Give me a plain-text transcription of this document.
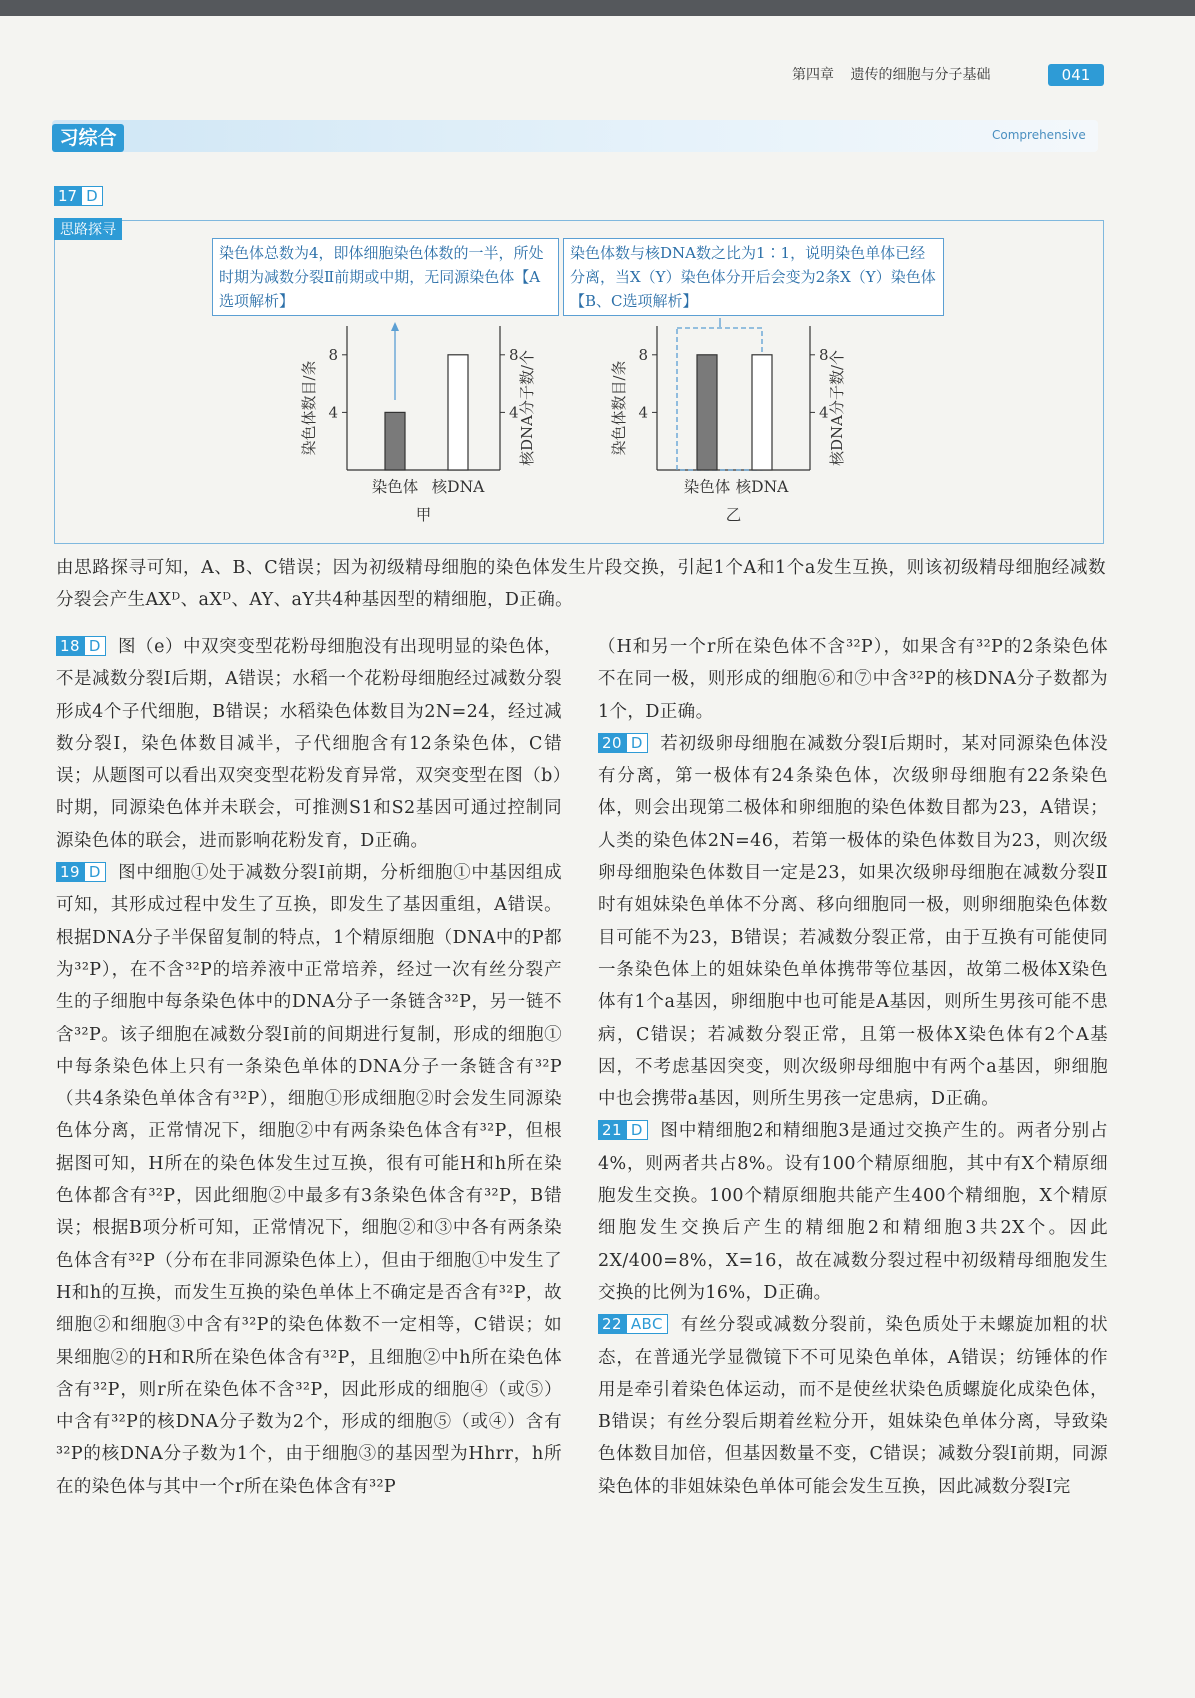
第四章 遗传的细胞与分子基础	041
习综合	Comprehensive
17 D
思路探寻
染色体总数为4，即体细胞染色体数的一半，所处时期为减数分裂Ⅱ前期或中期，无同源染色体【A选项解析】
染色体数与核DNA数之比为1∶1，说明染色单体已经分离，当X（Y）染色体分开后会变为2条X（Y）染色体【B、C选项解析】
4	4
8	8
染色体 核DNA
染色体数目/条	核DNA分子数/个
甲
4	4
8	8
染色体 核DNA
染色体数目/条	核DNA分子数/个
乙

由思路探寻可知，A、B、C错误；因为初级精母细胞的染色体发生片段交换，引起1个A和1个a发生互换，则该初级精母细胞经减数分裂会产生AXᴰ、aXᴰ、AY、aY共4种基因型的精细胞，D正确。

18 D 图（e）中双突变型花粉母细胞没有出现明显的染色体，不是减数分裂Ⅰ后期，A错误；水稻一个花粉母细胞经过减数分裂形成4个子代细胞，B错误；水稻染色体数目为2N=24，经过减数分裂Ⅰ，染色体数目减半，子代细胞含有12条染色体，C错误；从题图可以看出双突变型花粉发育异常，双突变型在图（b）时期，同源染色体并未联会，可推测S1和S2基因可通过控制同源染色体的联会，进而影响花粉发育，D正确。

19 D 图中细胞①处于减数分裂Ⅰ前期，分析细胞①中基因组成可知，其形成过程中发生了互换，即发生了基因重组，A错误。根据DNA分子半保留复制的特点，1个精原细胞（DNA中的P都为³²P），在不含³²P的培养液中正常培养，经过一次有丝分裂产生的子细胞中每条染色体中的DNA分子一条链含³²P，另一链不含³²P。该子细胞在减数分裂Ⅰ前的间期进行复制，形成的细胞①中每条染色体上只有一条染色单体的DNA分子一条链含有³²P（共4条染色单体含有³²P），细胞①形成细胞②时会发生同源染色体分离，正常情况下，细胞②中有两条染色体含有³²P，但根据图可知，H所在的染色体发生过互换，很有可能H和h所在染色体都含有³²P，因此细胞②中最多有3条染色体含有³²P，B错误；根据B项分析可知，正常情况下，细胞②和③中各有两条染色体含有³²P（分布在非同源染色体上），但由于细胞①中发生了H和h的互换，而发生互换的染色单体上不确定是否含有³²P，故细胞②和细胞③中含有³²P的染色体数不一定相等，C错误；如果细胞②的H和R所在染色体含有³²P，且细胞②中h所在染色体含有³²P，则r所在染色体不含³²P，因此形成的细胞④（或⑤）中含有³²P的核DNA分子数为2个，形成的细胞⑤（或④）含有³²P的核DNA分子数为1个，由于细胞③的基因型为Hhrr，h所在的染色体与其中一个r所在染色体含有³²P

（H和另一个r所在染色体不含³²P），如果含有³²P的2条染色体不在同一极，则形成的细胞⑥和⑦中含³²P的核DNA分子数都为1个，D正确。

20 D 若初级卵母细胞在减数分裂Ⅰ后期时，某对同源染色体没有分离，第一极体有24条染色体，次级卵母细胞有22条染色体，则会出现第二极体和卵细胞的染色体数目都为23，A错误；人类的染色体2N=46，若第一极体的染色体数目为23，则次级卵母细胞染色体数目一定是23，如果次级卵母细胞在减数分裂Ⅱ时有姐妹染色单体不分离、移向细胞同一极，则卵细胞染色体数目可能不为23，B错误；若减数分裂正常，由于互换有可能使同一条染色体上的姐妹染色单体携带等位基因，故第二极体X染色体有1个a基因，卵细胞中也可能是A基因，则所生男孩可能不患病，C错误；若减数分裂正常，且第一极体X染色体有2个A基因，不考虑基因突变，则次级卵母细胞中有两个a基因，卵细胞中也会携带a基因，则所生男孩一定患病，D正确。

21 D 图中精细胞2和精细胞3是通过交换产生的。两者分别占4%，则两者共占8%。设有100个精原细胞，其中有X个精原细胞发生交换。100个精原细胞共能产生400个精细胞，X个精原细胞发生交换后产生的精细胞2和精细胞3共2X个。因此2X/400=8%，X=16，故在减数分裂过程中初级精母细胞发生交换的比例为16%，D正确。

22 ABC 有丝分裂或减数分裂前，染色质处于未螺旋加粗的状态，在普通光学显微镜下不可见染色单体，A错误；纺锤体的作用是牵引着染色体运动，而不是使丝状染色质螺旋化成染色体，B错误；有丝分裂后期着丝粒分开，姐妹染色单体分离，导致染色体数目加倍，但基因数量不变，C错误；减数分裂Ⅰ前期，同源染色体的非姐妹染色单体可能会发生互换，因此减数分裂Ⅰ完
